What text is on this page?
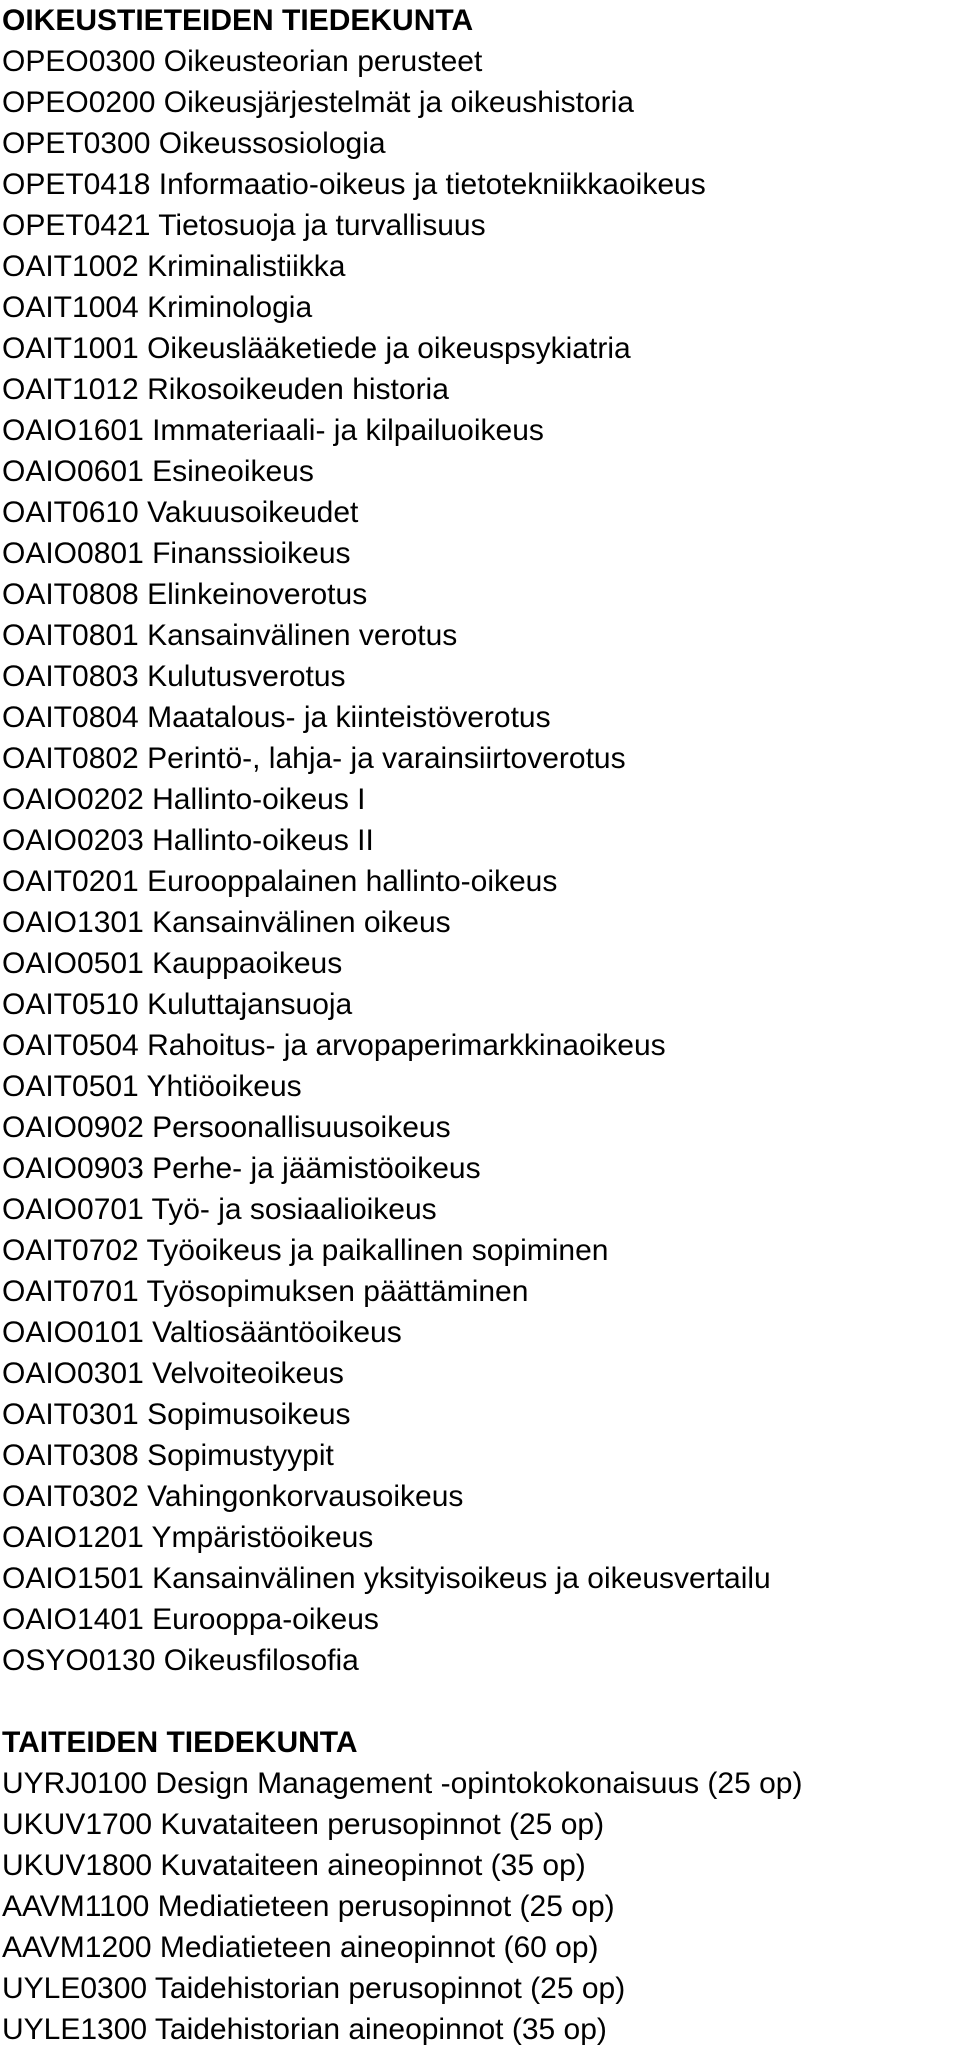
OIKEUSTIETEIDEN TIEDEKUNTA
OPEO0300 Oikeusteorian perusteet
OPEO0200 Oikeusjärjestelmät ja oikeushistoria
OPET0300 Oikeussosiologia
OPET0418 Informaatio-oikeus ja tietotekniikkaoikeus
OPET0421 Tietosuoja ja turvallisuus
OAIT1002 Kriminalistiikka
OAIT1004 Kriminologia
OAIT1001 Oikeuslääketiede ja oikeuspsykiatria
OAIT1012 Rikosoikeuden historia
OAIO1601 Immateriaali- ja kilpailuoikeus
OAIO0601 Esineoikeus
OAIT0610 Vakuusoikeudet
OAIO0801 Finanssioikeus
OAIT0808 Elinkeinoverotus
OAIT0801 Kansainvälinen verotus
OAIT0803 Kulutusverotus
OAIT0804 Maatalous- ja kiinteistöverotus
OAIT0802 Perintö-, lahja- ja varainsiirtoverotus
OAIO0202 Hallinto-oikeus I
OAIO0203 Hallinto-oikeus II
OAIT0201 Eurooppalainen hallinto-oikeus
OAIO1301 Kansainvälinen oikeus
OAIO0501 Kauppaoikeus
OAIT0510 Kuluttajansuoja
OAIT0504 Rahoitus- ja arvopaperimarkkinaoikeus
OAIT0501 Yhtiöoikeus
OAIO0902 Persoonallisuusoikeus
OAIO0903 Perhe- ja jäämistöoikeus
OAIO0701 Työ- ja sosiaalioikeus
OAIT0702 Työoikeus ja paikallinen sopiminen
OAIT0701 Työsopimuksen päättäminen
OAIO0101 Valtiosääntöoikeus
OAIO0301 Velvoiteoikeus
OAIT0301 Sopimusoikeus
OAIT0308 Sopimustyypit
OAIT0302 Vahingonkorvausoikeus
OAIO1201 Ympäristöoikeus
OAIO1501 Kansainvälinen yksityisoikeus ja oikeusvertailu
OAIO1401 Eurooppa-oikeus
OSYO0130 Oikeusfilosofia
TAITEIDEN TIEDEKUNTA
UYRJ0100 Design Management -opintokokonaisuus (25 op)
UKUV1700 Kuvataiteen perusopinnot (25 op)
UKUV1800 Kuvataiteen aineopinnot (35 op)
AAVM1100 Mediatieteen perusopinnot (25 op)
AAVM1200 Mediatieteen aineopinnot (60 op)
UYLE0300 Taidehistorian perusopinnot (25 op)
UYLE1300 Taidehistorian aineopinnot (35 op)
